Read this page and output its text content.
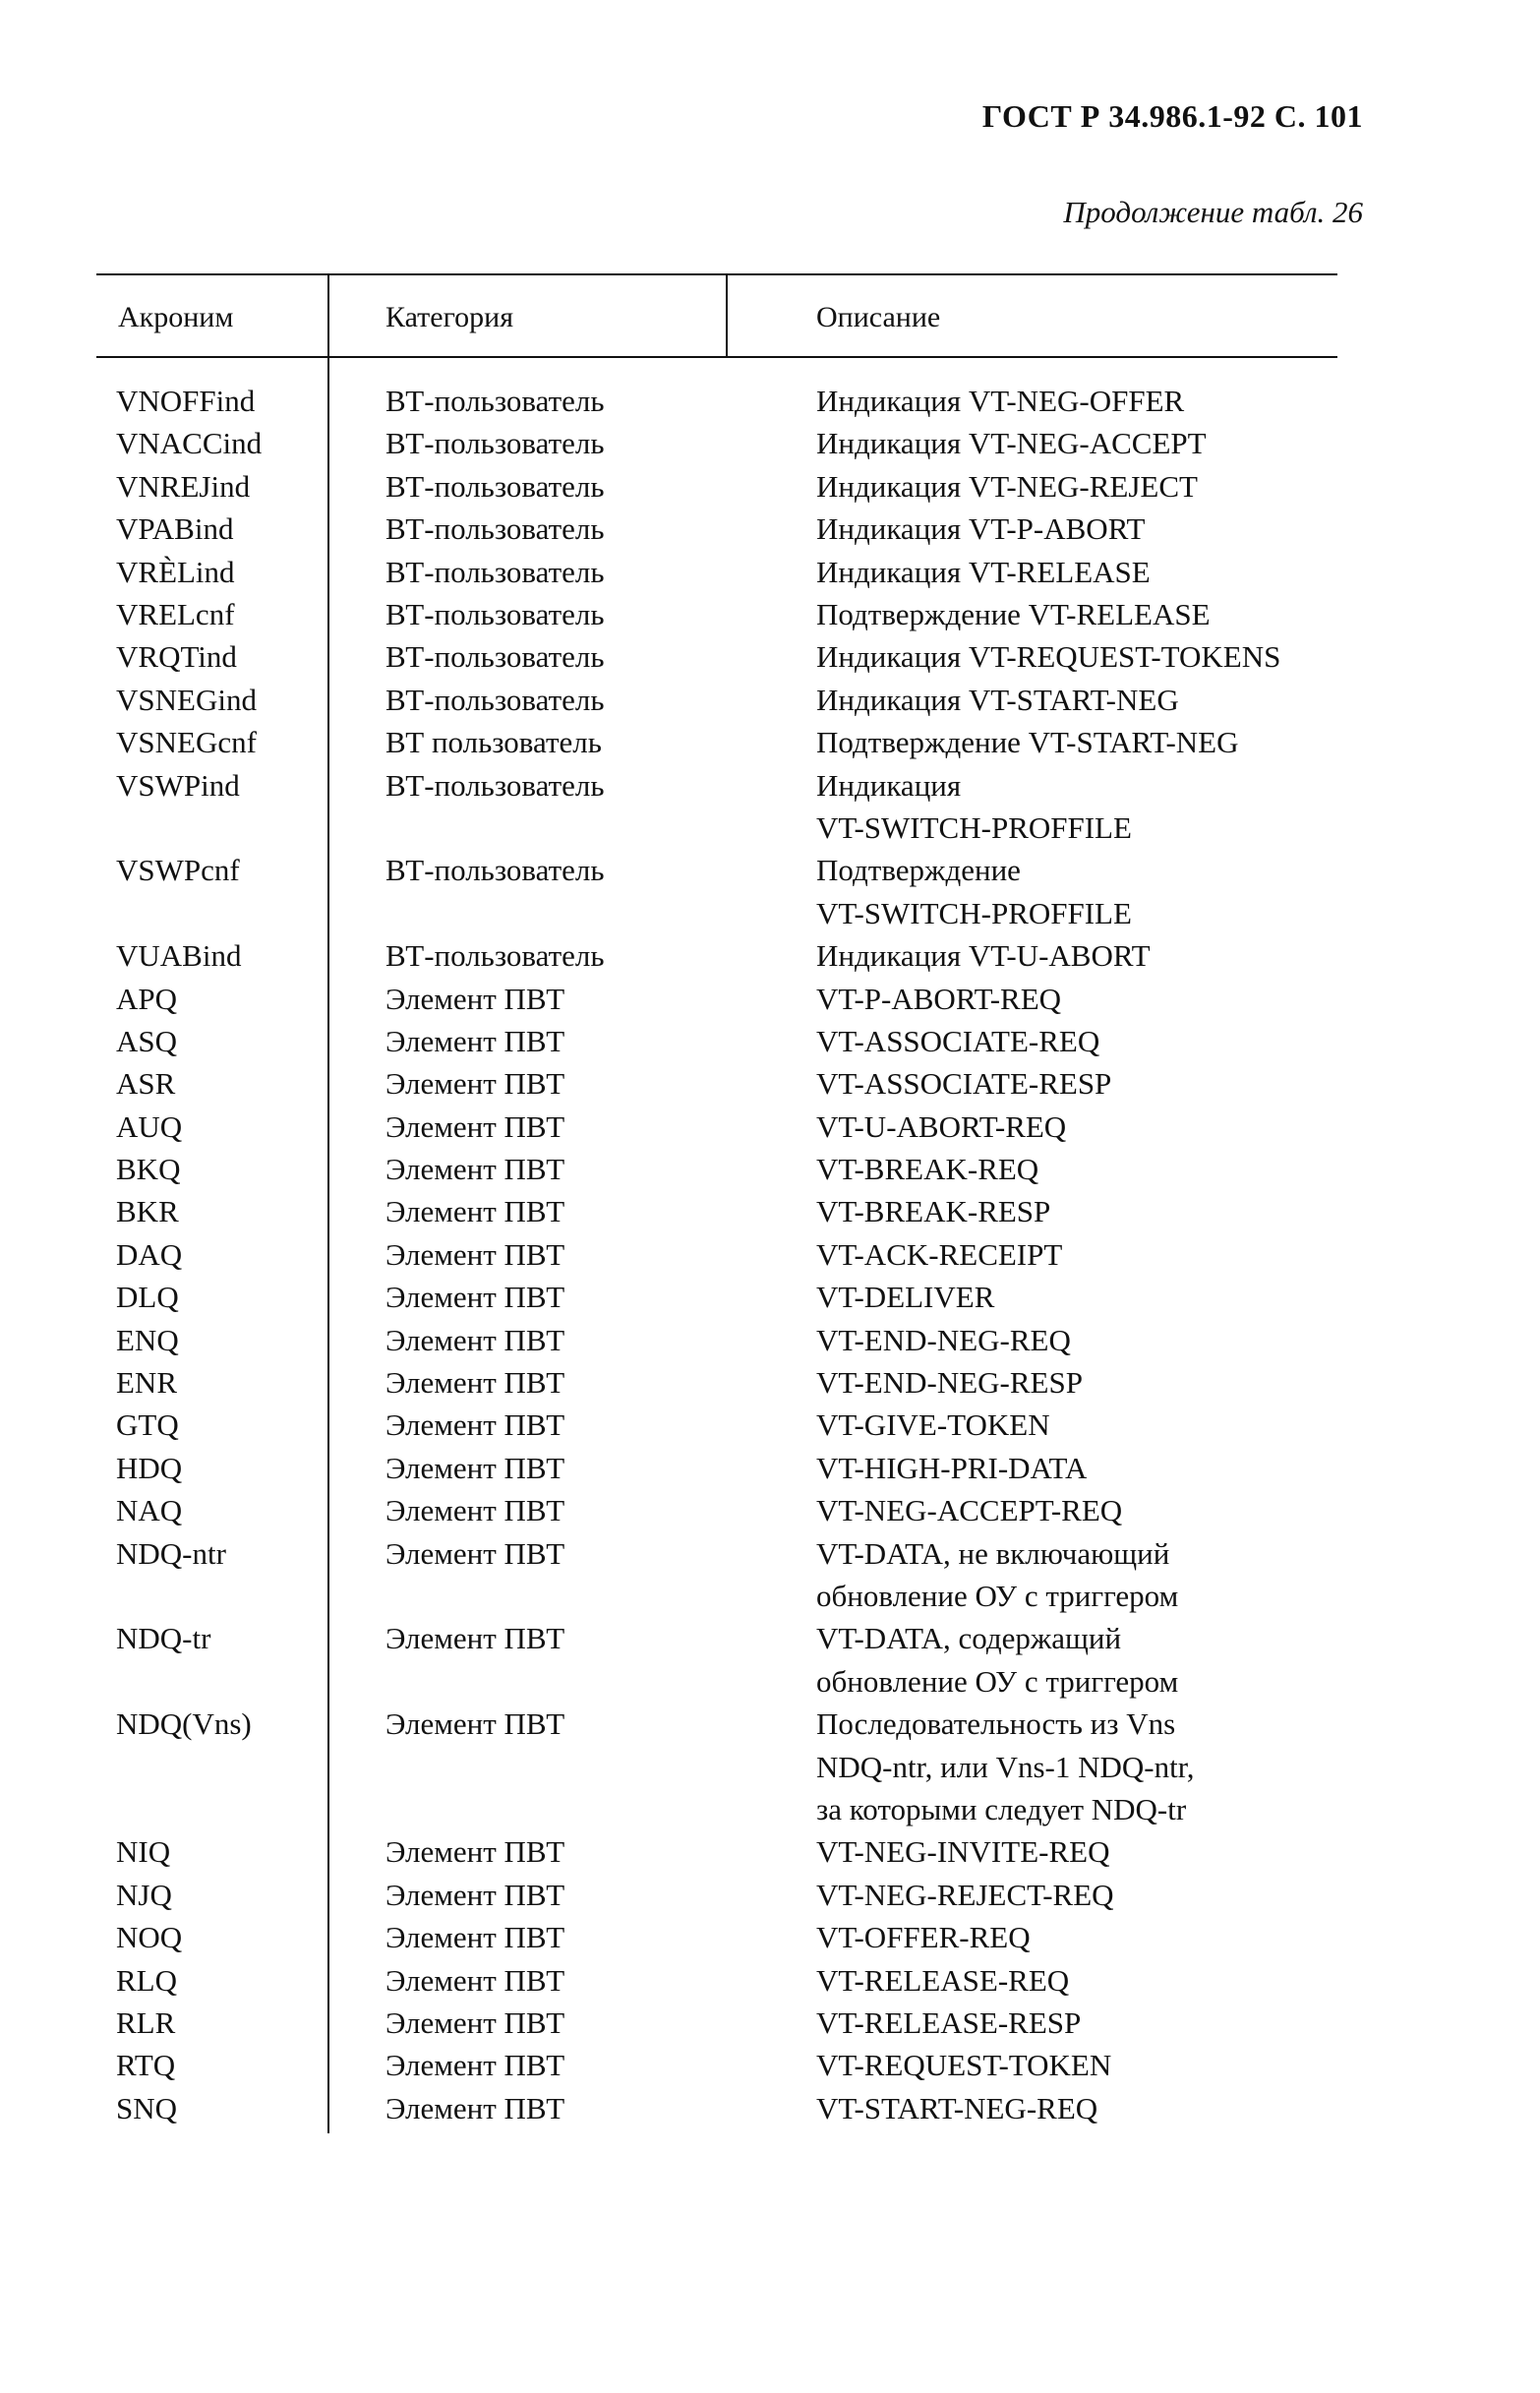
ГОСТ Р 34.986.1-92 С. 101
Продолжение табл. 26
Акроним	Категория	Описание
VNOFFind	ВТ-пользователь	Индикация VT-NEG-OFFER
VNACCind	ВТ-пользователь	Индикация VT-NEG-ACCEPT
VNREJind	ВТ-пользователь	Индикация VT-NEG-REJECT
VPABind	ВТ-пользователь	Индикация VT-P-ABORT
VRÈLind	ВТ-пользователь	Индикация VT-RELEASE
VRELcnf	ВТ-пользователь	Подтверждение VT-RELEASE
VRQTind	ВТ-пользователь	Индикация VT-REQUEST-TOKENS
VSNEGind	ВТ-пользователь	Индикация VT-START-NEG
VSNEGcnf	ВТ пользователь	Подтверждение VT-START-NEG
VSWPind	ВТ-пользователь	Индикация
VT-SWITCH-PROFFILE
VSWPcnf	ВТ-пользователь	Подтверждение
VT-SWITCH-PROFFILE
VUABind	ВТ-пользователь	Индикация VT-U-ABORT
APQ	Элемент ПВТ	VT-P-ABORT-REQ
ASQ	Элемент ПВТ	VT-ASSOCIATE-REQ
ASR	Элемент ПВТ	VT-ASSOCIATE-RESP
AUQ	Элемент ПВТ	VT-U-ABORT-REQ
BKQ	Элемент ПВТ	VT-BREAK-REQ
BKR	Элемент ПВТ	VT-BREAK-RESP
DAQ	Элемент ПВТ	VT-ACK-RECEIPT
DLQ	Элемент ПВТ	VT-DELIVER
ENQ	Элемент ПВТ	VT-END-NEG-REQ
ENR	Элемент ПВТ	VT-END-NEG-RESP
GTQ	Элемент ПВТ	VT-GIVE-TOKEN
HDQ	Элемент ПВТ	VT-HIGH-PRI-DATA
NAQ	Элемент ПВТ	VT-NEG-ACCEPT-REQ
NDQ-ntr	Элемент ПВТ	VT-DATA, не включающий
обновление ОУ с триггером
NDQ-tr	Элемент ПВТ	VT-DATA, содержащий
обновление ОУ с триггером
NDQ(Vns)	Элемент ПВТ	Последовательность из Vns
NDQ-ntr, или Vns-1 NDQ-ntr,
за которыми следует NDQ-tr
NIQ	Элемент ПВТ	VT-NEG-INVITE-REQ
NJQ	Элемент ПВТ	VT-NEG-REJECT-REQ
NOQ	Элемент ПВТ	VT-OFFER-REQ
RLQ	Элемент ПВТ	VT-RELEASE-REQ
RLR	Элемент ПВТ	VT-RELEASE-RESP
RTQ	Элемент ПВТ	VT-REQUEST-TOKEN
SNQ	Элемент ПВТ	VT-START-NEG-REQ
